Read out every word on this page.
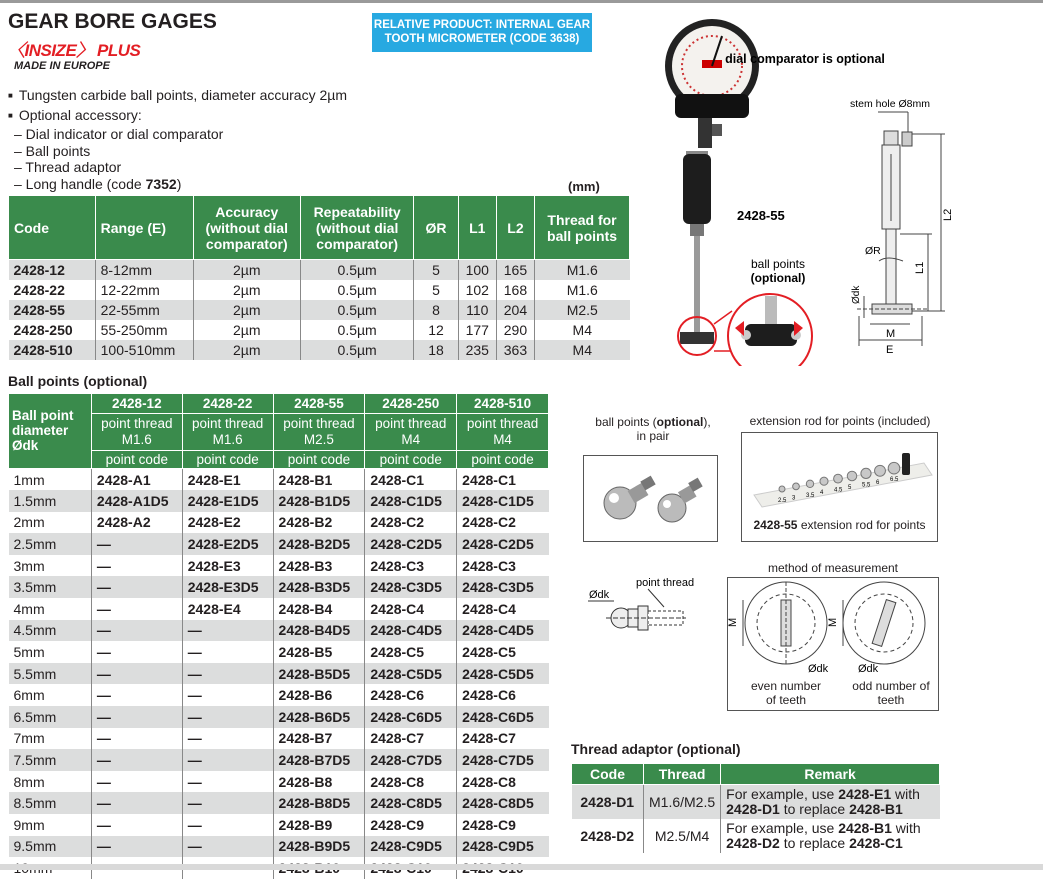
GEAR BORE GAGES
〈INSIZE〉 PLUS
MADE IN EUROPE
RELATIVE PRODUCT: INTERNAL GEAR TOOTH MICROMETER (CODE 3638)
■ Tungsten carbide ball points, diameter accuracy 2µm
■ Optional accessory:
– Dial indicator or dial comparator
– Ball points
– Thread adaptor
– Long handle (code 7352)	(mm)
Code	Range (E)	Accuracy (without dial comparator)	Repeatability (without dial comparator)	ØR	L1	L2	Thread for ball points
2428-12	8-12mm	2µm	0.5µm	5	100	165	M1.6
2428-22	12-22mm	2µm	0.5µm	5	102	168	M1.6
2428-55	22-55mm	2µm	0.5µm	8	110	204	M2.5
2428-250	55-250mm	2µm	0.5µm	12	177	290	M4
2428-510	100-510mm	2µm	0.5µm	18	235	363	M4
dial comparator is optional
2428-55
ball points
(optional)
stem hole Ø8mm
L2
L1
ØR
Ødk
M
E
Ball points (optional)
Ball point diameter Ødk	2428-12	2428-22	2428-55	2428-250	2428-510
	point thread M1.6	point thread M1.6	point thread M2.5	point thread M4	point thread M4
	point code	point code	point code	point code	point code
1mm	2428-A1	2428-E1	2428-B1	2428-C1	2428-C1
1.5mm	2428-A1D5	2428-E1D5	2428-B1D5	2428-C1D5	2428-C1D5
2mm	2428-A2	2428-E2	2428-B2	2428-C2	2428-C2
2.5mm	—	2428-E2D5	2428-B2D5	2428-C2D5	2428-C2D5
3mm	—	2428-E3	2428-B3	2428-C3	2428-C3
3.5mm	—	2428-E3D5	2428-B3D5	2428-C3D5	2428-C3D5
4mm	—	2428-E4	2428-B4	2428-C4	2428-C4
4.5mm	—	—	2428-B4D5	2428-C4D5	2428-C4D5
5mm	—	—	2428-B5	2428-C5	2428-C5
5.5mm	—	—	2428-B5D5	2428-C5D5	2428-C5D5
6mm	—	—	2428-B6	2428-C6	2428-C6
6.5mm	—	—	2428-B6D5	2428-C6D5	2428-C6D5
7mm	—	—	2428-B7	2428-C7	2428-C7
7.5mm	—	—	2428-B7D5	2428-C7D5	2428-C7D5
8mm	—	—	2428-B8	2428-C8	2428-C8
8.5mm	—	—	2428-B8D5	2428-C8D5	2428-C8D5
9mm	—	—	2428-B9	2428-C9	2428-C9
9.5mm	—	—	2428-B9D5	2428-C9D5	2428-C9D5

ball points (optional),
in pair
extension rod for points (included)
2.5 3 3.5 4 4.5 5 5.5 6 6.5
2428-55 extension rod for points
point thread
Ødk
method of measurement
M	M
Ødk	Ødk
even number of teeth
odd number of teeth
Thread adaptor (optional)
Code	Thread	Remark
2428-D1	M1.6/M2.5	For example, use 2428-E1 with
2428-D1 to replace 2428-B1
2428-D2	M2.5/M4	For example, use 2428-B1 with
2428-D2 to replace 2428-C1
